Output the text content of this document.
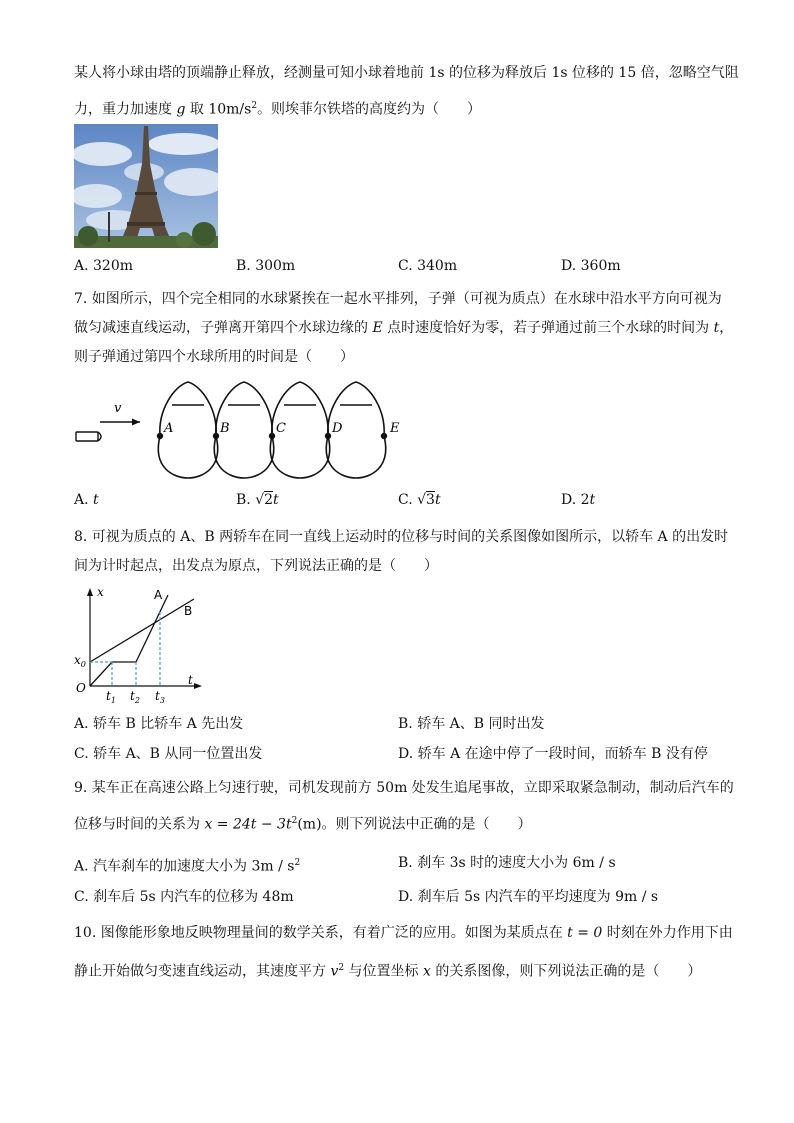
某人将小球由塔的顶端静止释放，经测量可知小球着地前 1s 的位移为释放后 1s 位移的 15 倍，忽略空气阻
力，重力加速度 g 取 $10m/s^2$。则埃菲尔铁塔的高度约为（　　）
A. 320m	B. 300m	C. 340m	D. 360m
7. 如图所示，四个完全相同的水球紧挨在一起水平排列，子弹（可视为质点）在水球中沿水平方向可视为
做匀减速直线运动，子弹离开第四个水球边缘的 E 点时速度恰好为零，若子弹通过前三个水球的时间为 t，
则子弹通过第四个水球所用的时间是（　　）
v
A	B	C	D	E
A. t	B. √2t	C. √3t	D. 2t
8. 可视为质点的 A、B 两轿车在同一直线上运动时的位移与时间的关系图像如图所示，以轿车 A 的出发时
间为计时起点，出发点为原点，下列说法正确的是（　　）
x
t
O
$x_0$
$t_1$ $t_2$ $t_3$
A
B
A. 轿车 B 比轿车 A 先出发	B. 轿车 A、B 同时出发
C. 轿车 A、B 从同一位置出发	D. 轿车 A 在途中停了一段时间，而轿车 B 没有停
9. 某车正在高速公路上匀速行驶，司机发现前方 50m 处发生追尾事故，立即采取紧急制动，制动后汽车的
位移与时间的关系为 $x = 24t - 3t^2(m)$。则下列说法中正确的是（　　）
A. 汽车刹车的加速度大小为 $3m / s^2$	B. 刹车 3s 时的速度大小为 6m / s
C. 刹车后 5s 内汽车的位移为 48m	D. 刹车后 5s 内汽车的平均速度为 9m / s
10. 图像能形象地反映物理量间的数学关系，有着广泛的应用。如图为某质点在 t = 0 时刻在外力作用下由
静止开始做匀变速直线运动，其速度平方 $v^2$ 与位置坐标 x 的关系图像，则下列说法正确的是（　　）
